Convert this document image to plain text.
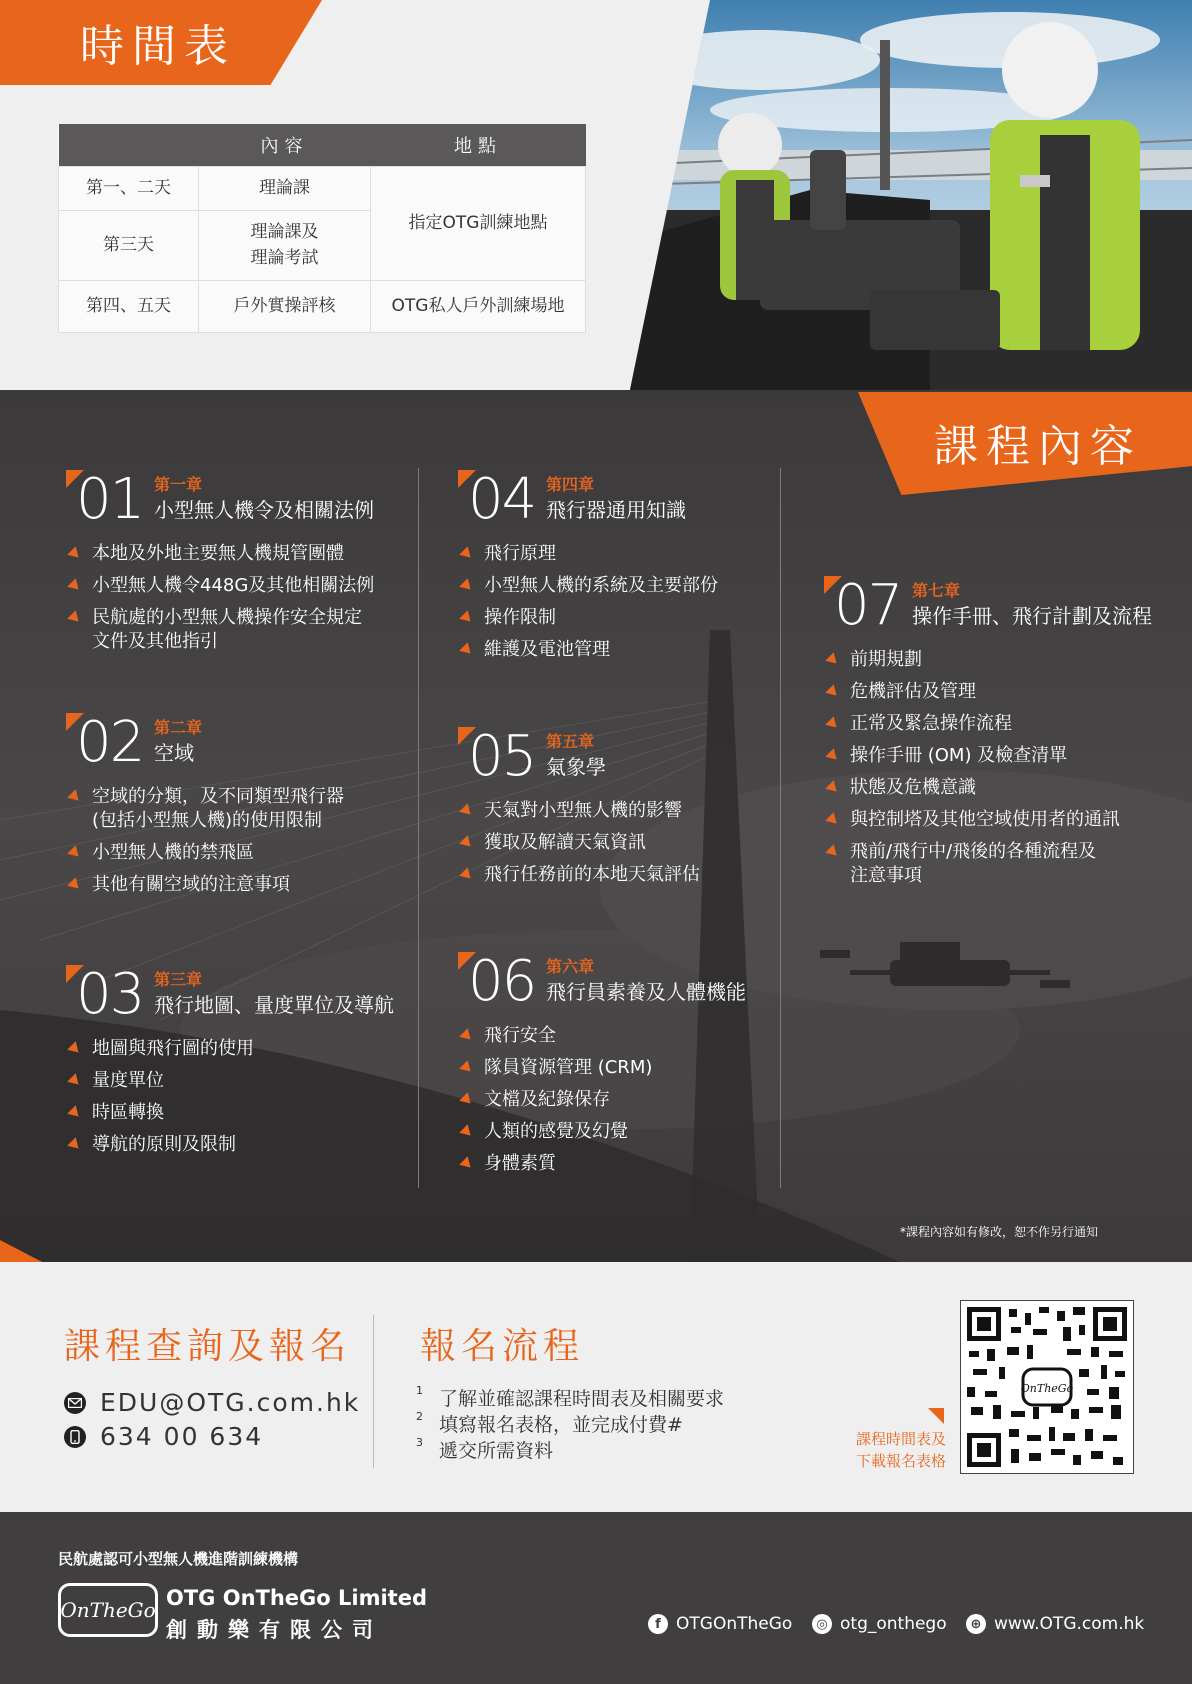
時間表
	內容	地點
第一、二天	理論課	指定OTG訓練地點
第三天	理論課及
理論考試	
第四、五天	戶外實操評核	OTG私人戶外訓練場地
課程內容
01 第一章
小型無人機令及相關法例
本地及外地主要無人機規管團體
小型無人機令448G及其他相關法例
民航處的小型無人機操作安全規定
文件及其他指引
02 第二章
空域
空域的分類，及不同類型飛行器
(包括小型無人機)的使用限制
小型無人機的禁飛區
其他有關空域的注意事項
03 第三章
飛行地圖、量度單位及導航
地圖與飛行圖的使用
量度單位
時區轉換
導航的原則及限制
04 第四章
飛行器通用知識
飛行原理
小型無人機的系統及主要部份
操作限制
維護及電池管理
05 第五章
氣象學
天氣對小型無人機的影響
獲取及解讀天氣資訊
飛行任務前的本地天氣評估
06 第六章
飛行員素養及人體機能
飛行安全
隊員資源管理 (CRM)
文檔及紀錄保存
人類的感覺及幻覺
身體素質
07 第七章
操作手冊、飛行計劃及流程
前期規劃
危機評估及管理
正常及緊急操作流程
操作手冊 (OM) 及檢查清單
狀態及危機意識
與控制塔及其他空域使用者的通訊
飛前/飛行中/飛後的各種流程及
注意事項
*課程內容如有修改，恕不作另行通知
課程查詢及報名
EDU@OTG.com.hk
634 00 634
報名流程
$^1$ 了解並確認課程時間表及相關要求
$^2$ 填寫報名表格，並完成付費#
$^3$ 遞交所需資料
課程時間表及
下載報名表格
OnTheGo
民航處認可小型無人機進階訓練機構
OnTheGo OTG OnTheGo Limited
創動樂有限公司	f OTGOnTheGo	◎ otg_onthego	⊕ www.OTG.com.hk
